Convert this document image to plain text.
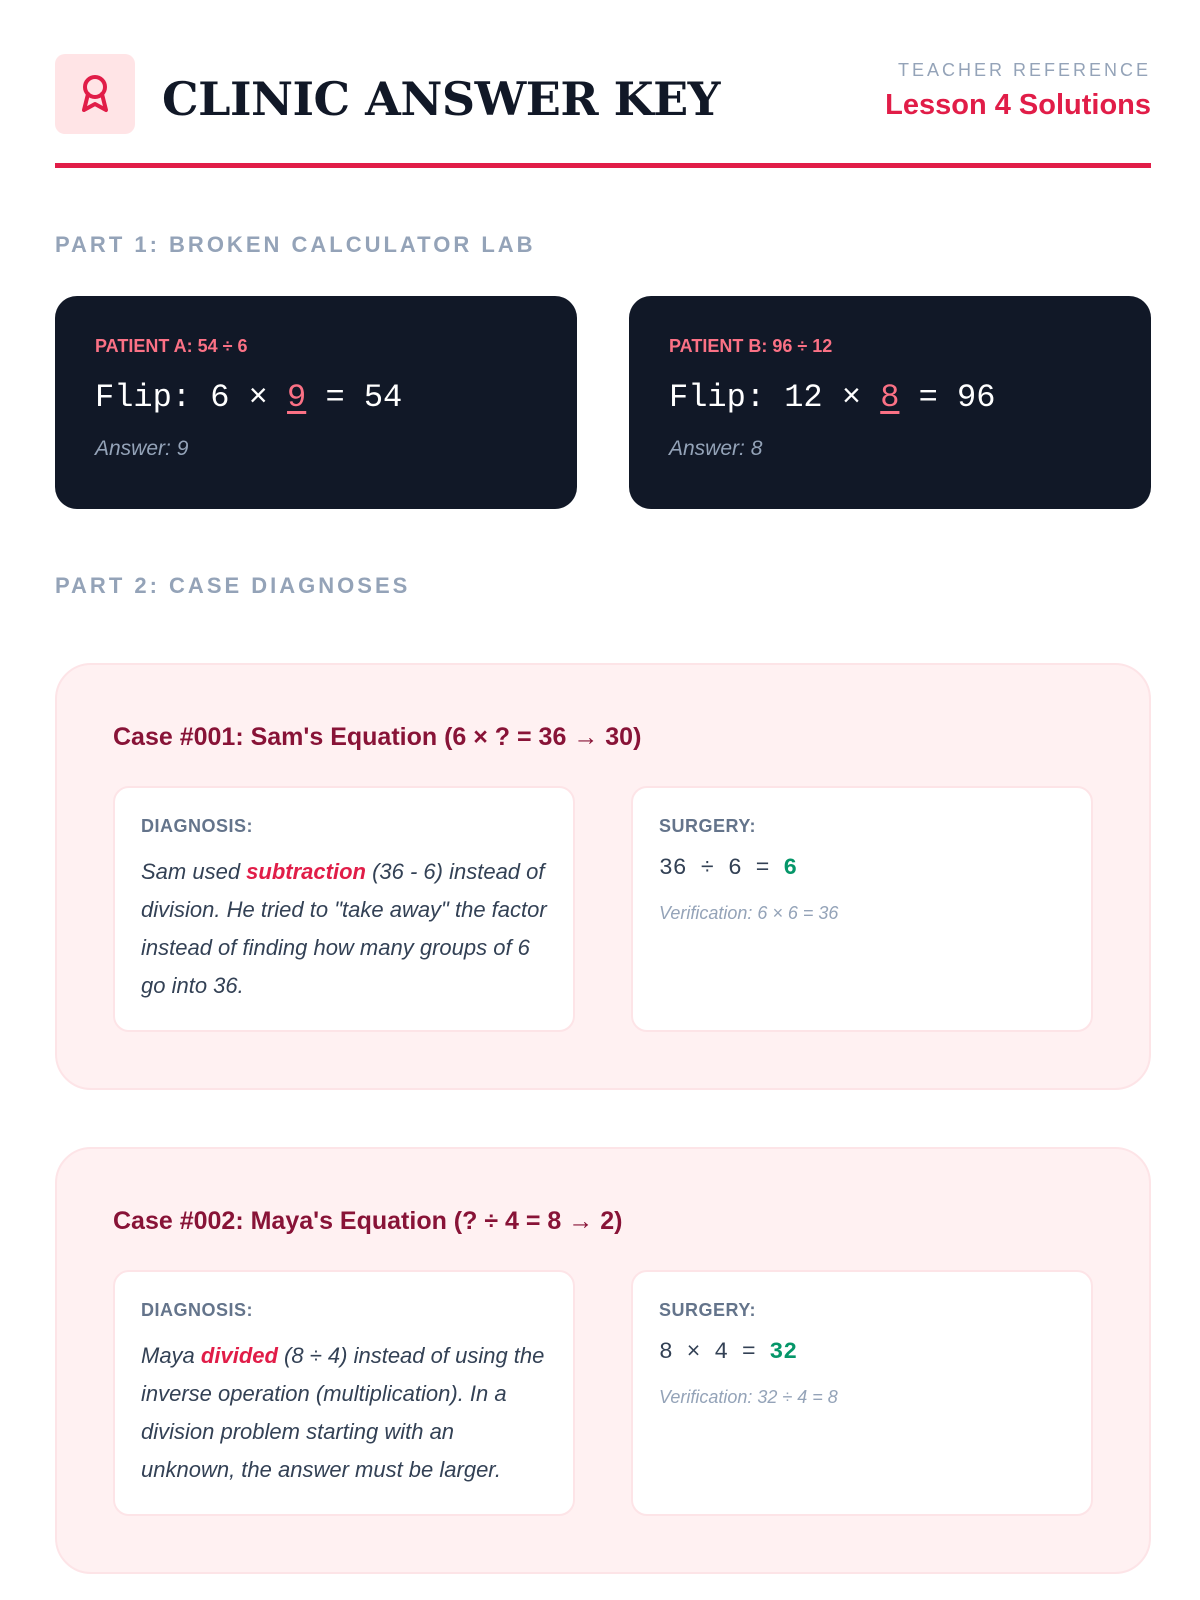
CLINIC ANSWER KEY
TEACHER REFERENCE
Lesson 4 Solutions
PART 1: BROKEN CALCULATOR LAB
PATIENT A: 54 ÷ 6
Flip: 6 × 9 = 54
Answer: 9
PATIENT B: 96 ÷ 12
Flip: 12 × 8 = 96
Answer: 8
PART 2: CASE DIAGNOSES
Case #001: Sam's Equation (6 × ? = 36 → 30)
DIAGNOSIS:
Sam used subtraction (36 - 6) instead of division. He tried to "take away" the factor instead of finding how many groups of 6 go into 36.
SURGERY:
36 ÷ 6 = 6
Verification: 6 × 6 = 36
Case #002: Maya's Equation (? ÷ 4 = 8 → 2)
DIAGNOSIS:
Maya divided (8 ÷ 4) instead of using the inverse operation (multiplication). In a division problem starting with an unknown, the answer must be larger.
SURGERY:
8 × 4 = 32
Verification: 32 ÷ 4 = 8
